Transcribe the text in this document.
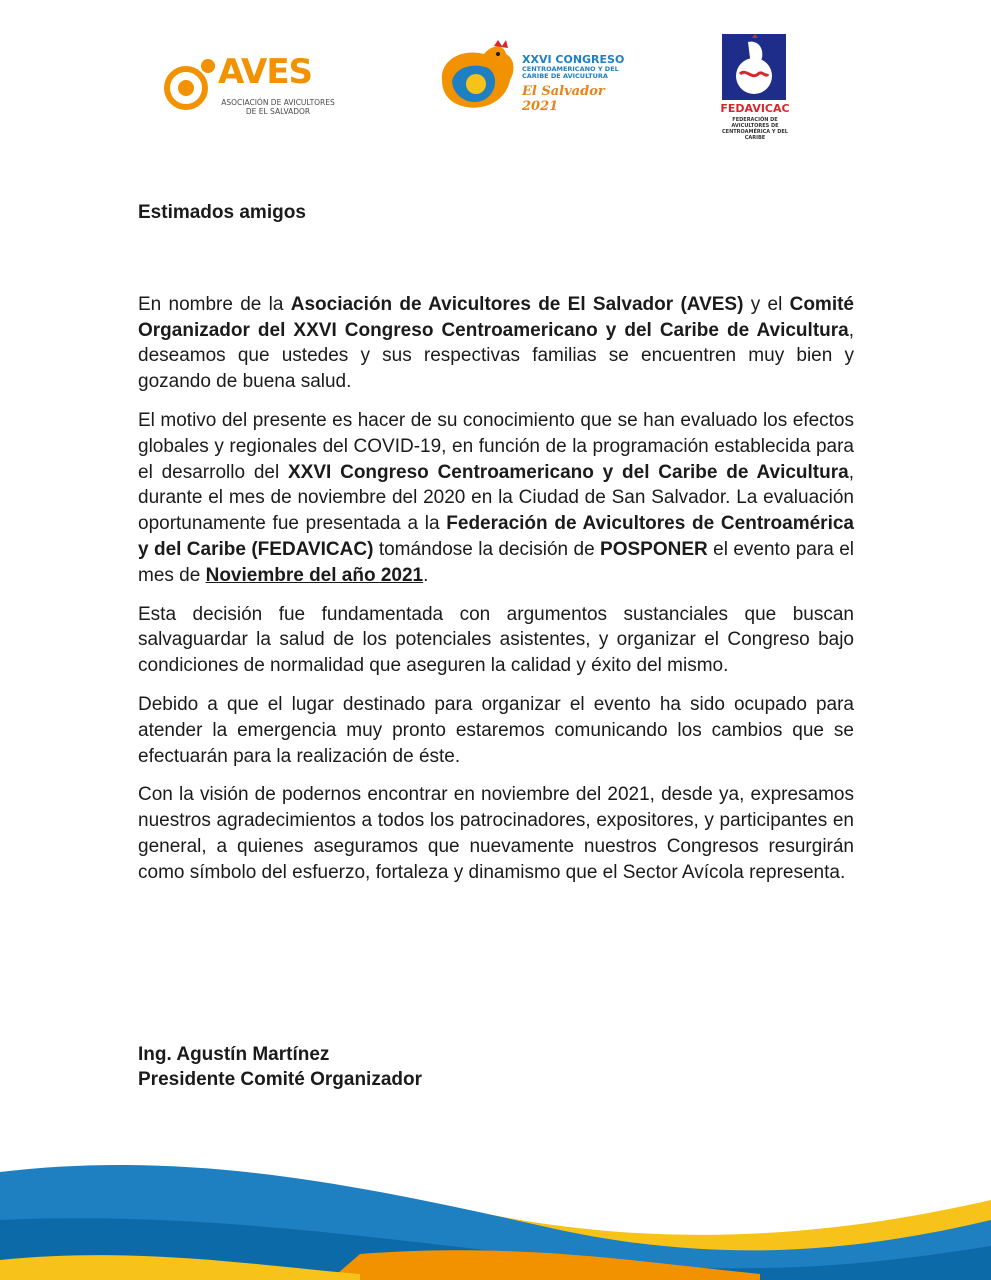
AVES
ASOCIACIÓN DE AVICULTORES DE EL SALVADOR
XXVI CONGRESO
CENTROAMERICANO Y DEL CARIBE DE AVICULTURA
El Salvador 2021	FEDAVICAC
FEDERACIÓN DE AVICULTORES DE CENTROAMÉRICA Y DEL CARIBE

Estimados amigos

En nombre de la Asociación de Avicultores de El Salvador (AVES) y el Comité Organizador del XXVI Congreso Centroamericano y del Caribe de Avicultura, deseamos que ustedes y sus respectivas familias se encuentren muy bien y gozando de buena salud.

El motivo del presente es hacer de su conocimiento que se han evaluado los efectos globales y regionales del COVID-19, en función de la programación establecida para el desarrollo del XXVI Congreso Centroamericano y del Caribe de Avicultura, durante el mes de noviembre del 2020 en la Ciudad de San Salvador. La evaluación oportunamente fue presentada a la Federación de Avicultores de Centroamérica y del Caribe (FEDAVICAC) tomándose la decisión de POSPONER el evento para el mes de Noviembre del año 2021.

Esta decisión fue fundamentada con argumentos sustanciales que buscan salvaguardar la salud de los potenciales asistentes, y organizar el Congreso bajo condiciones de normalidad que aseguren la calidad y éxito del mismo.

Debido a que el lugar destinado para organizar el evento ha sido ocupado para atender la emergencia muy pronto estaremos comunicando los cambios que se efectuarán para la realización de éste.

Con la visión de podernos encontrar en noviembre del 2021, desde ya, expresamos nuestros agradecimientos a todos los patrocinadores, expositores, y participantes en general, a quienes aseguramos que nuevamente nuestros Congresos resurgirán como símbolo del esfuerzo, fortaleza y dinamismo que el Sector Avícola representa.

Ing. Agustín Martínez
Presidente Comité Organizador
